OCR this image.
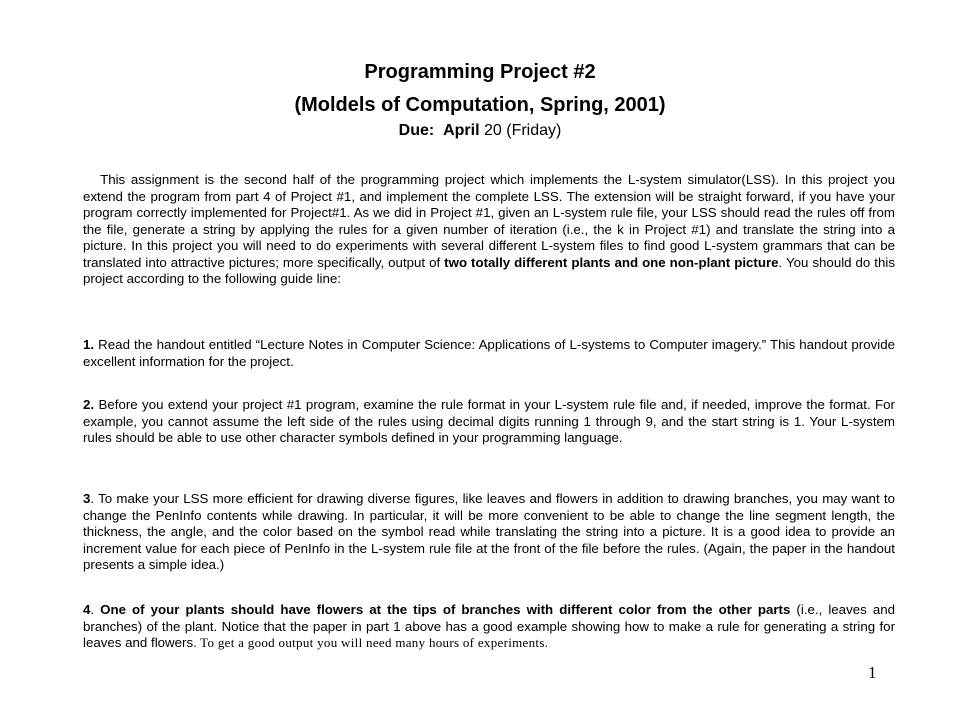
Programming Project #2
(Moldels of Computation, Spring, 2001)
Due: April 20 (Friday)
This assignment is the second half of the programming project which implements the L-system simulator(LSS). In this project you extend the program from part 4 of Project #1, and implement the complete LSS. The extension will be straight forward, if you have your program correctly implemented for Project#1. As we did in Project #1, given an L-system rule file, your LSS should read the rules off from the file, generate a string by applying the rules for a given number of iteration (i.e., the k in Project #1) and translate the string into a picture. In this project you will need to do experiments with several different L-system files to find good L-system grammars that can be translated into attractive pictures; more specifically, output of two totally different plants and one non-plant picture. You should do this project according to the following guide line:
1. Read the handout entitled “Lecture Notes in Computer Science: Applications of L-systems to Computer imagery.” This handout provide excellent information for the project.
2. Before you extend your project #1 program, examine the rule format in your L-system rule file and, if needed, improve the format. For example, you cannot assume the left side of the rules using decimal digits running 1 through 9, and the start string is 1. Your L-system rules should be able to use other character symbols defined in your programming language.
3. To make your LSS more efficient for drawing diverse figures, like leaves and flowers in addition to drawing branches, you may want to change the PenInfo contents while drawing. In particular, it will be more convenient to be able to change the line segment length, the thickness, the angle, and the color based on the symbol read while translating the string into a picture. It is a good idea to provide an increment value for each piece of PenInfo in the L-system rule file at the front of the file before the rules. (Again, the paper in the handout presents a simple idea.)
4. One of your plants should have flowers at the tips of branches with different color from the other parts (i.e., leaves and branches) of the plant. Notice that the paper in part 1 above has a good example showing how to make a rule for generating a string for leaves and flowers. To get a good output you will need many hours of experiments.
1
